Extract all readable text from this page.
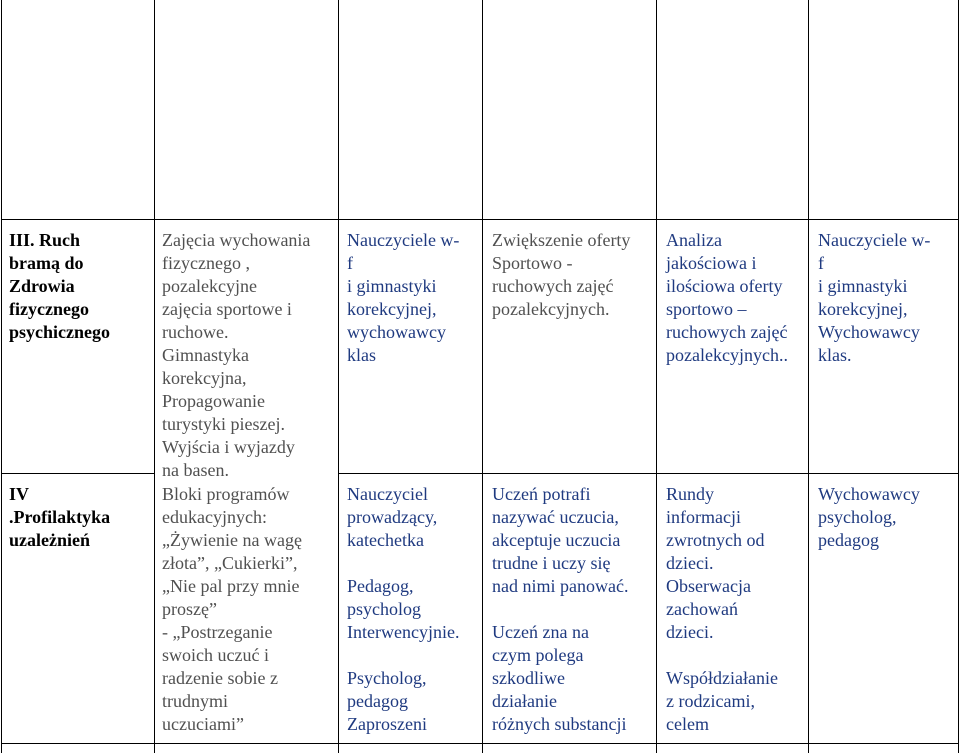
III. Ruch
bramą do
Zdrowia
fizycznego
psychicznego
Zajęcia wychowania
fizycznego ,
pozalekcyjne
zajęcia sportowe i
ruchowe.
Gimnastyka
korekcyjna,
Propagowanie
turystyki pieszej.
Wyjścia i wyjazdy
na basen.
Nauczyciele w-
f
i gimnastyki
korekcyjnej,
wychowawcy
klas
Zwiększenie oferty
Sportowo -
ruchowych zajęć
pozalekcyjnych.
Analiza
jakościowa i
ilościowa oferty
sportowo –
ruchowych zajęć
pozalekcyjnych..
Nauczyciele w-
f
i gimnastyki
korekcyjnej,
Wychowawcy
klas.
IV
.Profilaktyka
uzależnień
Bloki programów
edukacyjnych:
„Żywienie na wagę
złota”, „Cukierki”,
„Nie pal przy mnie
proszę”
- „Postrzeganie
swoich uczuć i
radzenie sobie z
trudnymi
uczuciami”
Nauczyciel
prowadzący,
katechetka

Pedagog,
psycholog
Interwencyjnie.

Psycholog,
pedagog
Zaproszeni
Uczeń potrafi
nazywać uczucia,
akceptuje uczucia
trudne i uczy się
nad nimi panować.

Uczeń zna na
czym polega
szkodliwe
działanie
różnych substancji
Rundy
informacji
zwrotnych od
dzieci.
Obserwacja
zachowań
dzieci.

Współdziałanie
z rodzicami,
celem
Wychowawcy
psycholog,
pedagog
